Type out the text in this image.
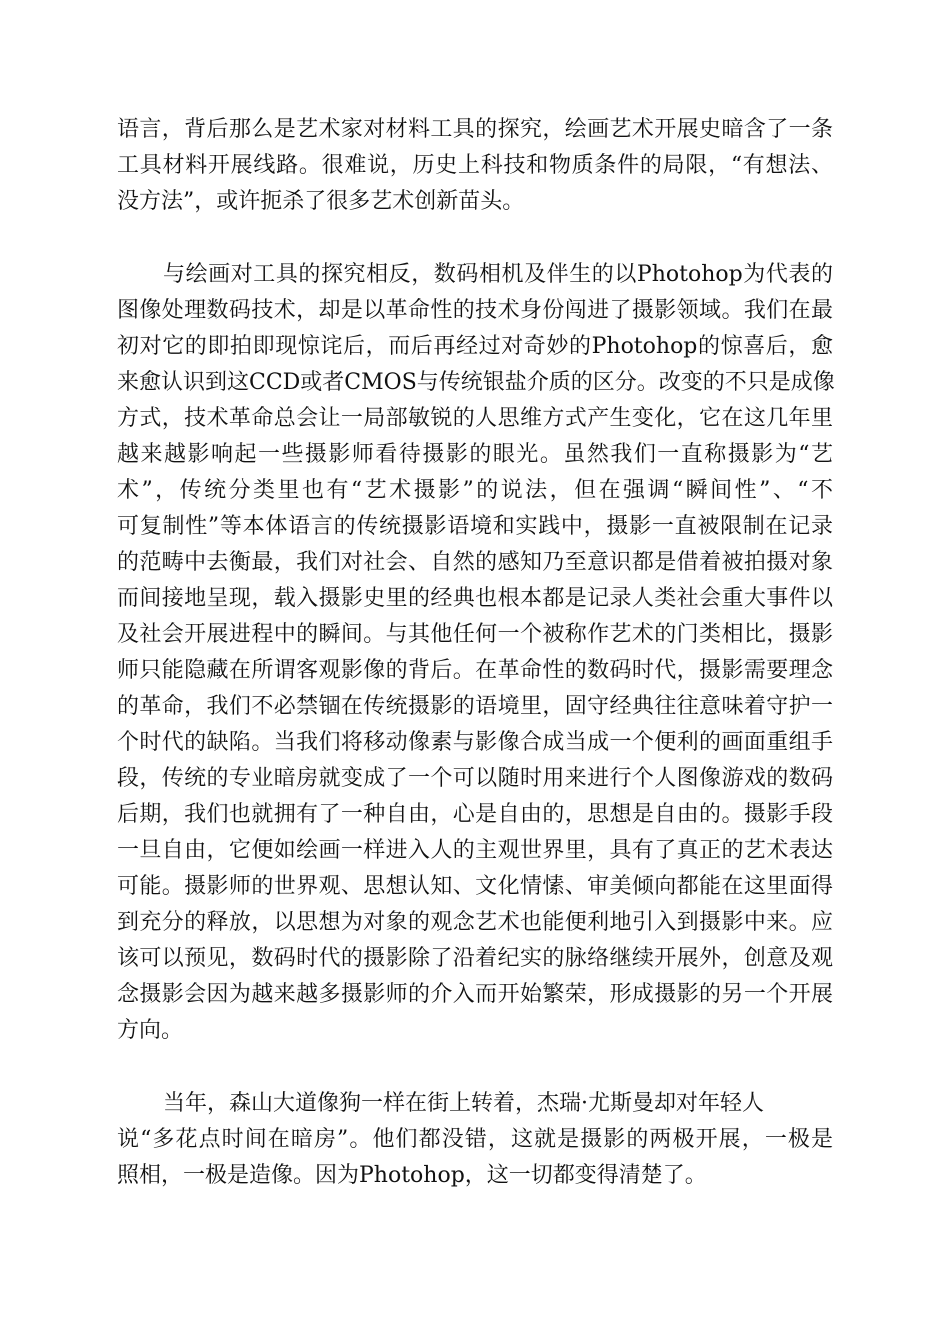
语言，背后那么是艺术家对材料工具的探究，绘画艺术开展史暗含了一条
工具材料开展线路。很难说，历史上科技和物质条件的局限，“有想法、
没方法”，或许扼杀了很多艺术创新苗头。
与绘画对工具的探究相反，数码相机及伴生的以Photohop为代表的
图像处理数码技术，却是以革命性的技术身份闯进了摄影领域。我们在最
初对它的即拍即现惊诧后，而后再经过对奇妙的Photohop的惊喜后，愈
来愈认识到这CCD或者CMOS与传统银盐介质的区分。改变的不只是成像
方式，技术革命总会让一局部敏锐的人思维方式产生变化，它在这几年里
越来越影响起一些摄影师看待摄影的眼光。虽然我们一直称摄影为“艺
术”，传统分类里也有“艺术摄影”的说法，但在强调“瞬间性”、“不
可复制性”等本体语言的传统摄影语境和实践中，摄影一直被限制在记录
的范畴中去衡最，我们对社会、自然的感知乃至意识都是借着被拍摄对象
而间接地呈现，载入摄影史里的经典也根本都是记录人类社会重大事件以
及社会开展进程中的瞬间。与其他任何一个被称作艺术的门类相比，摄影
师只能隐藏在所谓客观影像的背后。在革命性的数码时代，摄影需要理念
的革命，我们不必禁锢在传统摄影的语境里，固守经典往往意味着守护一
个时代的缺陷。当我们将移动像素与影像合成当成一个便利的画面重组手
段，传统的专业暗房就变成了一个可以随时用来进行个人图像游戏的数码
后期，我们也就拥有了一种自由，心是自由的，思想是自由的。摄影手段
一旦自由，它便如绘画一样进入人的主观世界里，具有了真正的艺术表达
可能。摄影师的世界观、思想认知、文化情愫、审美倾向都能在这里面得
到充分的释放，以思想为对象的观念艺术也能便利地引入到摄影中来。应
该可以预见，数码时代的摄影除了沿着纪实的脉络继续开展外，创意及观
念摄影会因为越来越多摄影师的介入而开始繁荣，形成摄影的另一个开展
方向。
当年，森山大道像狗一样在街上转着，杰瑞·尤斯曼却对年轻人
说“多花点时间在暗房”。他们都没错，这就是摄影的两极开展，一极是
照相，一极是造像。因为Photohop，这一切都变得清楚了。
